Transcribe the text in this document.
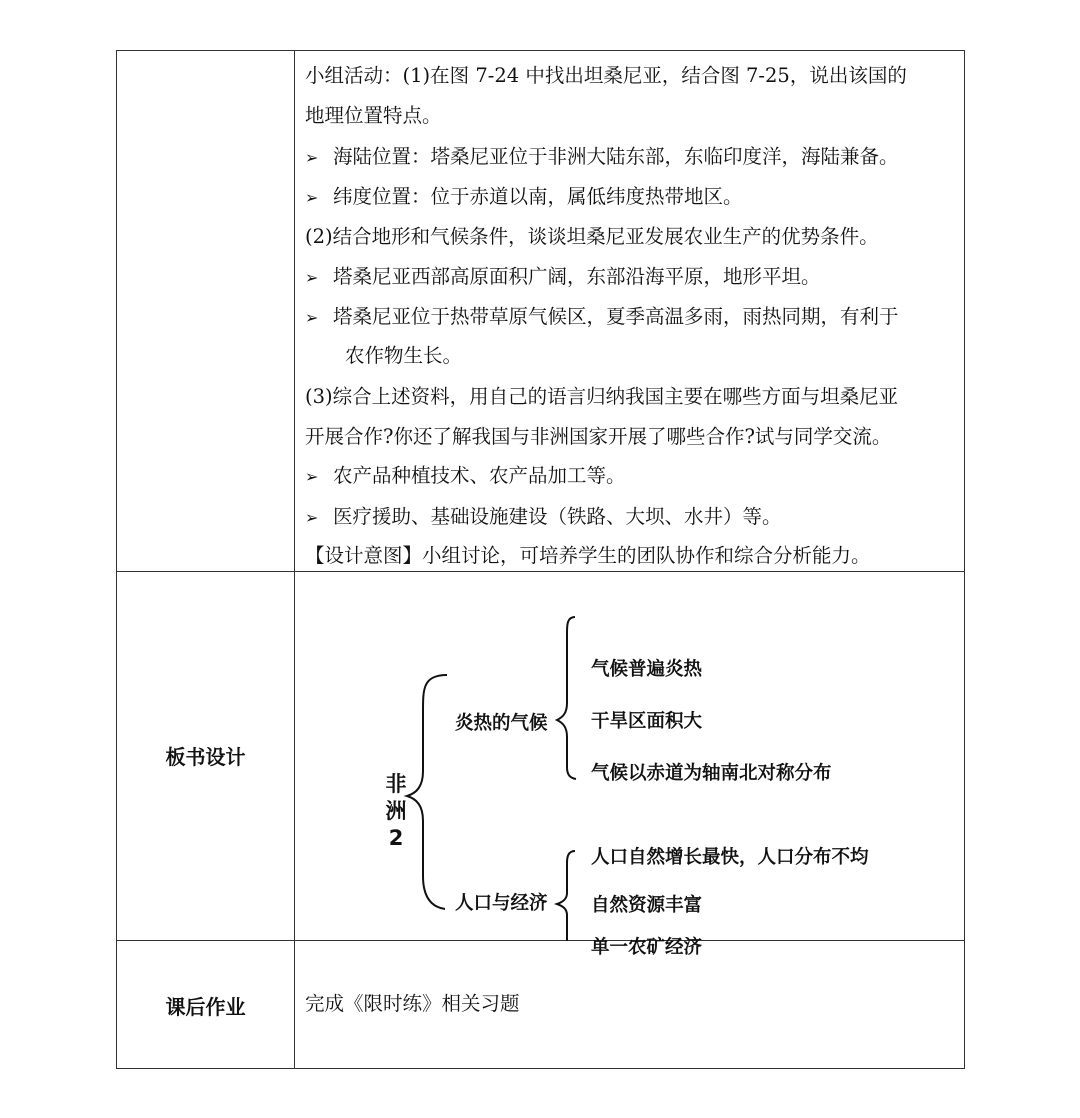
小组活动：(1)在图 7-24 中找出坦桑尼亚，结合图 7-25，说出该国的
地理位置特点。
➢ 海陆位置：塔桑尼亚位于非洲大陆东部，东临印度洋，海陆兼备。
➢ 纬度位置：位于赤道以南，属低纬度热带地区。
(2)结合地形和气候条件，谈谈坦桑尼亚发展农业生产的优势条件。
➢ 塔桑尼亚西部高原面积广阔，东部沿海平原，地形平坦。
➢ 塔桑尼亚位于热带草原气候区，夏季高温多雨，雨热同期，有利于
农作物生长。
(3)综合上述资料，用自己的语言归纳我国主要在哪些方面与坦桑尼亚
开展合作?你还了解我国与非洲国家开展了哪些合作?试与同学交流。
➢ 农产品种植技术、农产品加工等。
➢ 医疗援助、基础设施建设（铁路、大坝、水井）等。
【设计意图】小组讨论，可培养学生的团队协作和综合分析能力。
板书设计
非
洲
2
炎热的气候
气候普遍炎热
干旱区面积大
气候以赤道为轴南北对称分布
人口与经济
人口自然增长最快，人口分布不均
自然资源丰富
单一农矿经济
课后作业	完成《限时练》相关习题
